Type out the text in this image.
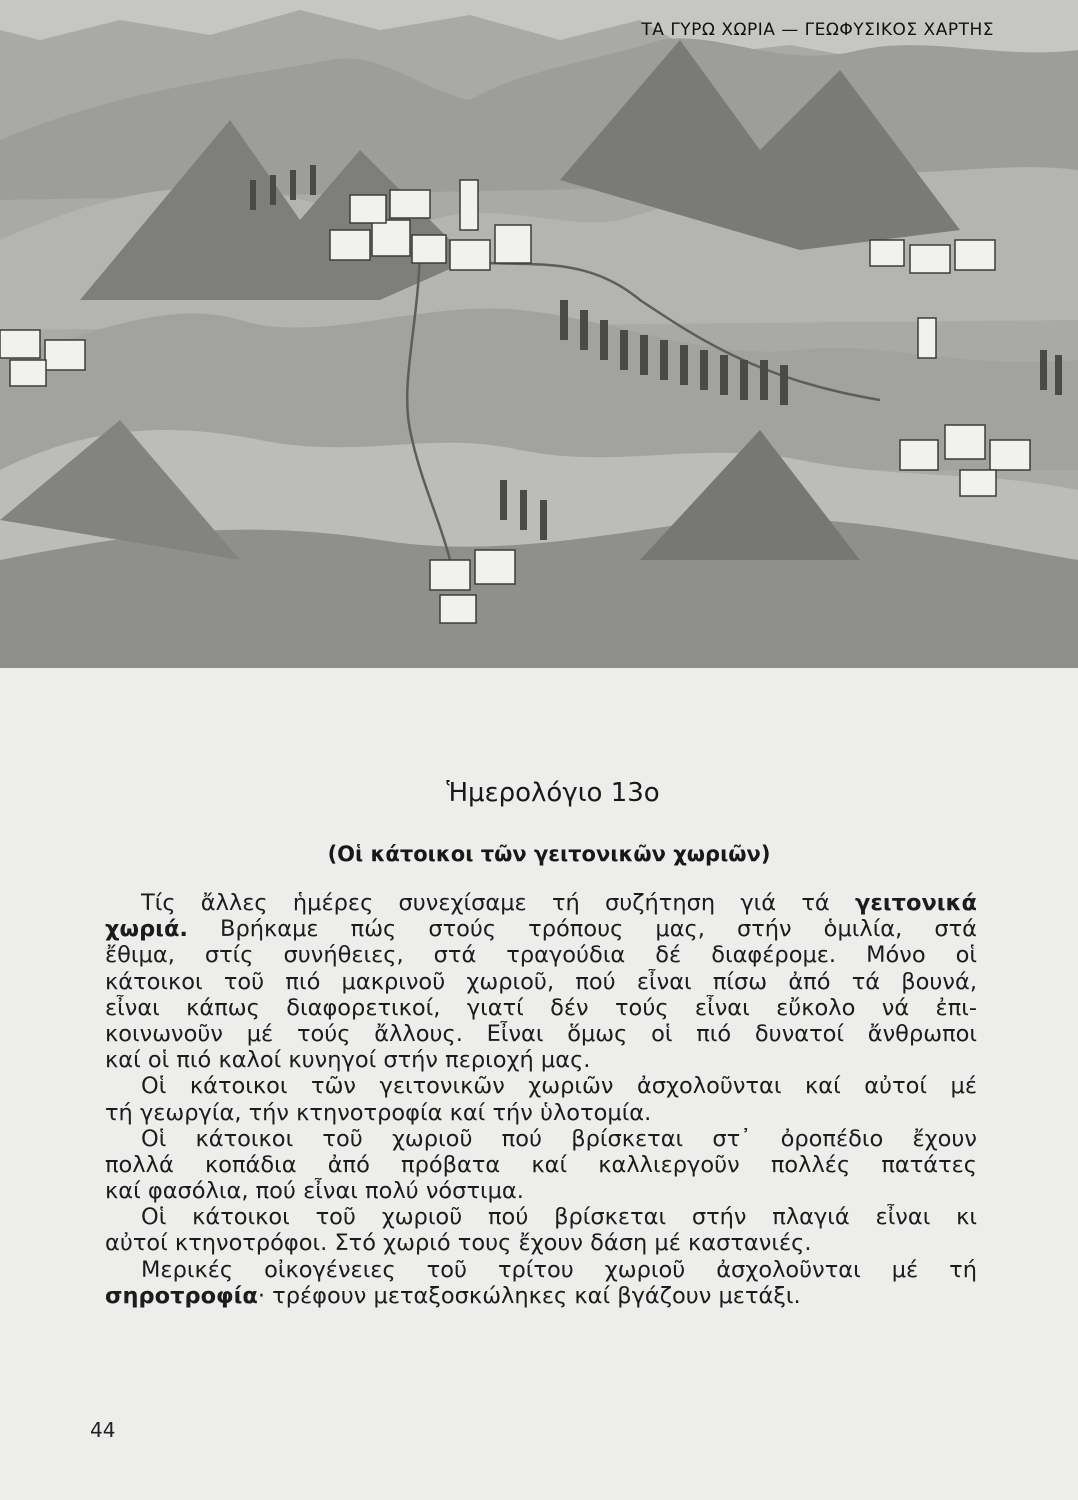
ΤΑ ΓΥΡΩ ΧΩΡΙΑ — ΓΕΩΦΥΣΙΚΟΣ ΧΑΡΤΗΣ
Ἡμερολόγιο 13ο
(Οἱ κάτοικοι τῶν γειτονικῶν χωριῶν)
Τίς ἄλλες ἡμέρες συνεχίσαμε τή συζήτηση γιά τά γειτονικά
χωριά. Βρήκαμε πώς στούς τρόπους μας, στήν ὁμιλία, στά
ἔθιμα, στίς συνήθειες, στά τραγούδια δέ διαφέρομε. Μόνο οἱ
κάτοικοι τοῦ πιό μακρινοῦ χωριοῦ, πού εἶναι πίσω ἀπό τά βουνά,
εἶναι κάπως διαφορετικοί, γιατί δέν τούς εἶναι εὔκολο νά ἐπι-
κοινωνοῦν μέ τούς ἄλλους. Εἶναι ὅμως οἱ πιό δυνατοί ἄνθρωποι
καί οἱ πιό καλοί κυνηγοί στήν περιοχή μας.
Οἱ κάτοικοι τῶν γειτονικῶν χωριῶν ἀσχολοῦνται καί αὐτοί μέ
τή γεωργία, τήν κτηνοτροφία καί τήν ὑλοτομία.
Οἱ κάτοικοι τοῦ χωριοῦ πού βρίσκεται στ᾽ ὀροπέδιο ἔχουν
πολλά κοπάδια ἀπό πρόβατα καί καλλιεργοῦν πολλές πατάτες
καί φασόλια, πού εἶναι πολύ νόστιμα.
Οἱ κάτοικοι τοῦ χωριοῦ πού βρίσκεται στήν πλαγιά εἶναι κι
αὐτοί κτηνοτρόφοι. Στό χωριό τους ἔχουν δάση μέ καστανιές.
Μερικές οἰκογένειες τοῦ τρίτου χωριοῦ ἀσχολοῦνται μέ τή
σηροτροφία· τρέφουν μεταξοσκώληκες καί βγάζουν μετάξι.
44
